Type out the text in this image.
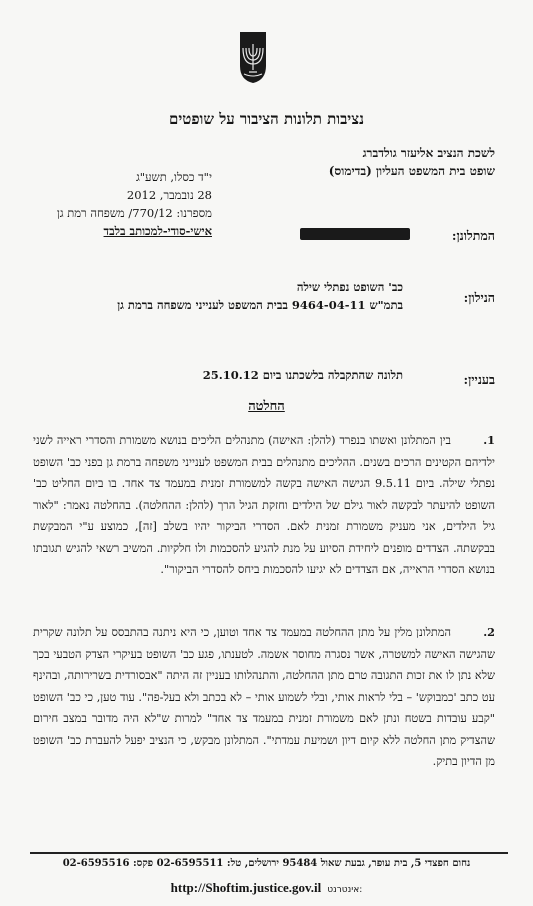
נציבות תלונות הציבור על שופטים
לשכת הנציב אליעזר גולדברג
שופט בית המשפט העליון (בדימוס)
י"ד כסלו, תשע"ג
28 נובמבר, 2012
מספרנו: 770/12/ משפחה רמת גן
אישי-סודי-למכותב בלבד	המתלונן:
הנילון:
כב' השופט נפתלי שילה
בתמ"ש 9464-04-11 בבית המשפט לענייני משפחה ברמת גן
בעניין:
תלונה שהתקבלה בלשכתנו ביום 25.10.12
החלטה
1.
בין המתלונן ואשתו בנפרד (להלן: האישה) מתנהלים הליכים בנושא משמורת והסדרי ראייה לשני ילדיהם הקטינים הרכים בשנים. ההליכים מתנהלים בבית המשפט לענייני משפחה ברמת גן בפני כב' השופט נפתלי שילה. ביום 9.5.11 הגישה האישה בקשה למשמורת זמנית במעמד צד אחד. בו ביום החליט כב' השופט להיעתר לבקשה לאור גילם של הילדים וחזקת הגיל הרך (להלן: ההחלטה). בהחלטה נאמר: "לאור גיל הילדים, אני מעניק משמורת זמנית לאם. הסדרי הביקור יהיו בשלב [זה], כמוצע ע"י המבקשת בבקשתה. הצדדים מופנים ליחידת הסיוע על מנת להגיע להסכמות ולו חלקיות. המשיב רשאי להגיש תגובתו בנושא הסדרי הראייה, אם הצדדים לא יגיעו להסכמות ביחס להסדרי הביקור".
2.
המתלונן מלין על מתן ההחלטה במעמד צד אחד וטוען, כי היא ניתנה בהתבסס על תלונה שקרית שהגישה האישה למשטרה, אשר נסגרה מחוסר אשמה. לטענתו, פגע כב' השופט בעיקרי הצדק הטבעי בכך שלא נתן לו את זכות התגובה טרם מתן ההחלטה, והתנהלותו בעניין זה היתה "אבסורדית בשרירותה, ובהינף עט כתב 'כמבוקש' – בלי לראות אותי, ובלי לשמוע אותי – לא בכתב ולא בעל-פה". עוד טען, כי כב' השופט "קבע עובדות בשטח ונתן לאם משמורת זמנית במעמד צד אחד" למרות ש"לא היה מדובר במצב חירום שהצדיק מתן החלטה ללא קיום דיון ושמיעת עמדתי". המתלונן מבקש, כי הנציב יפעל להעברת כב' השופט מן הדיון בתיק.
נחום חפצדי 5, בית עופר, גבעת שאול 95484 ירושלים, טל: 02-6595511 פקס: 02-6595516
http://Shoftim.justice.gov.il אינטרנט:
